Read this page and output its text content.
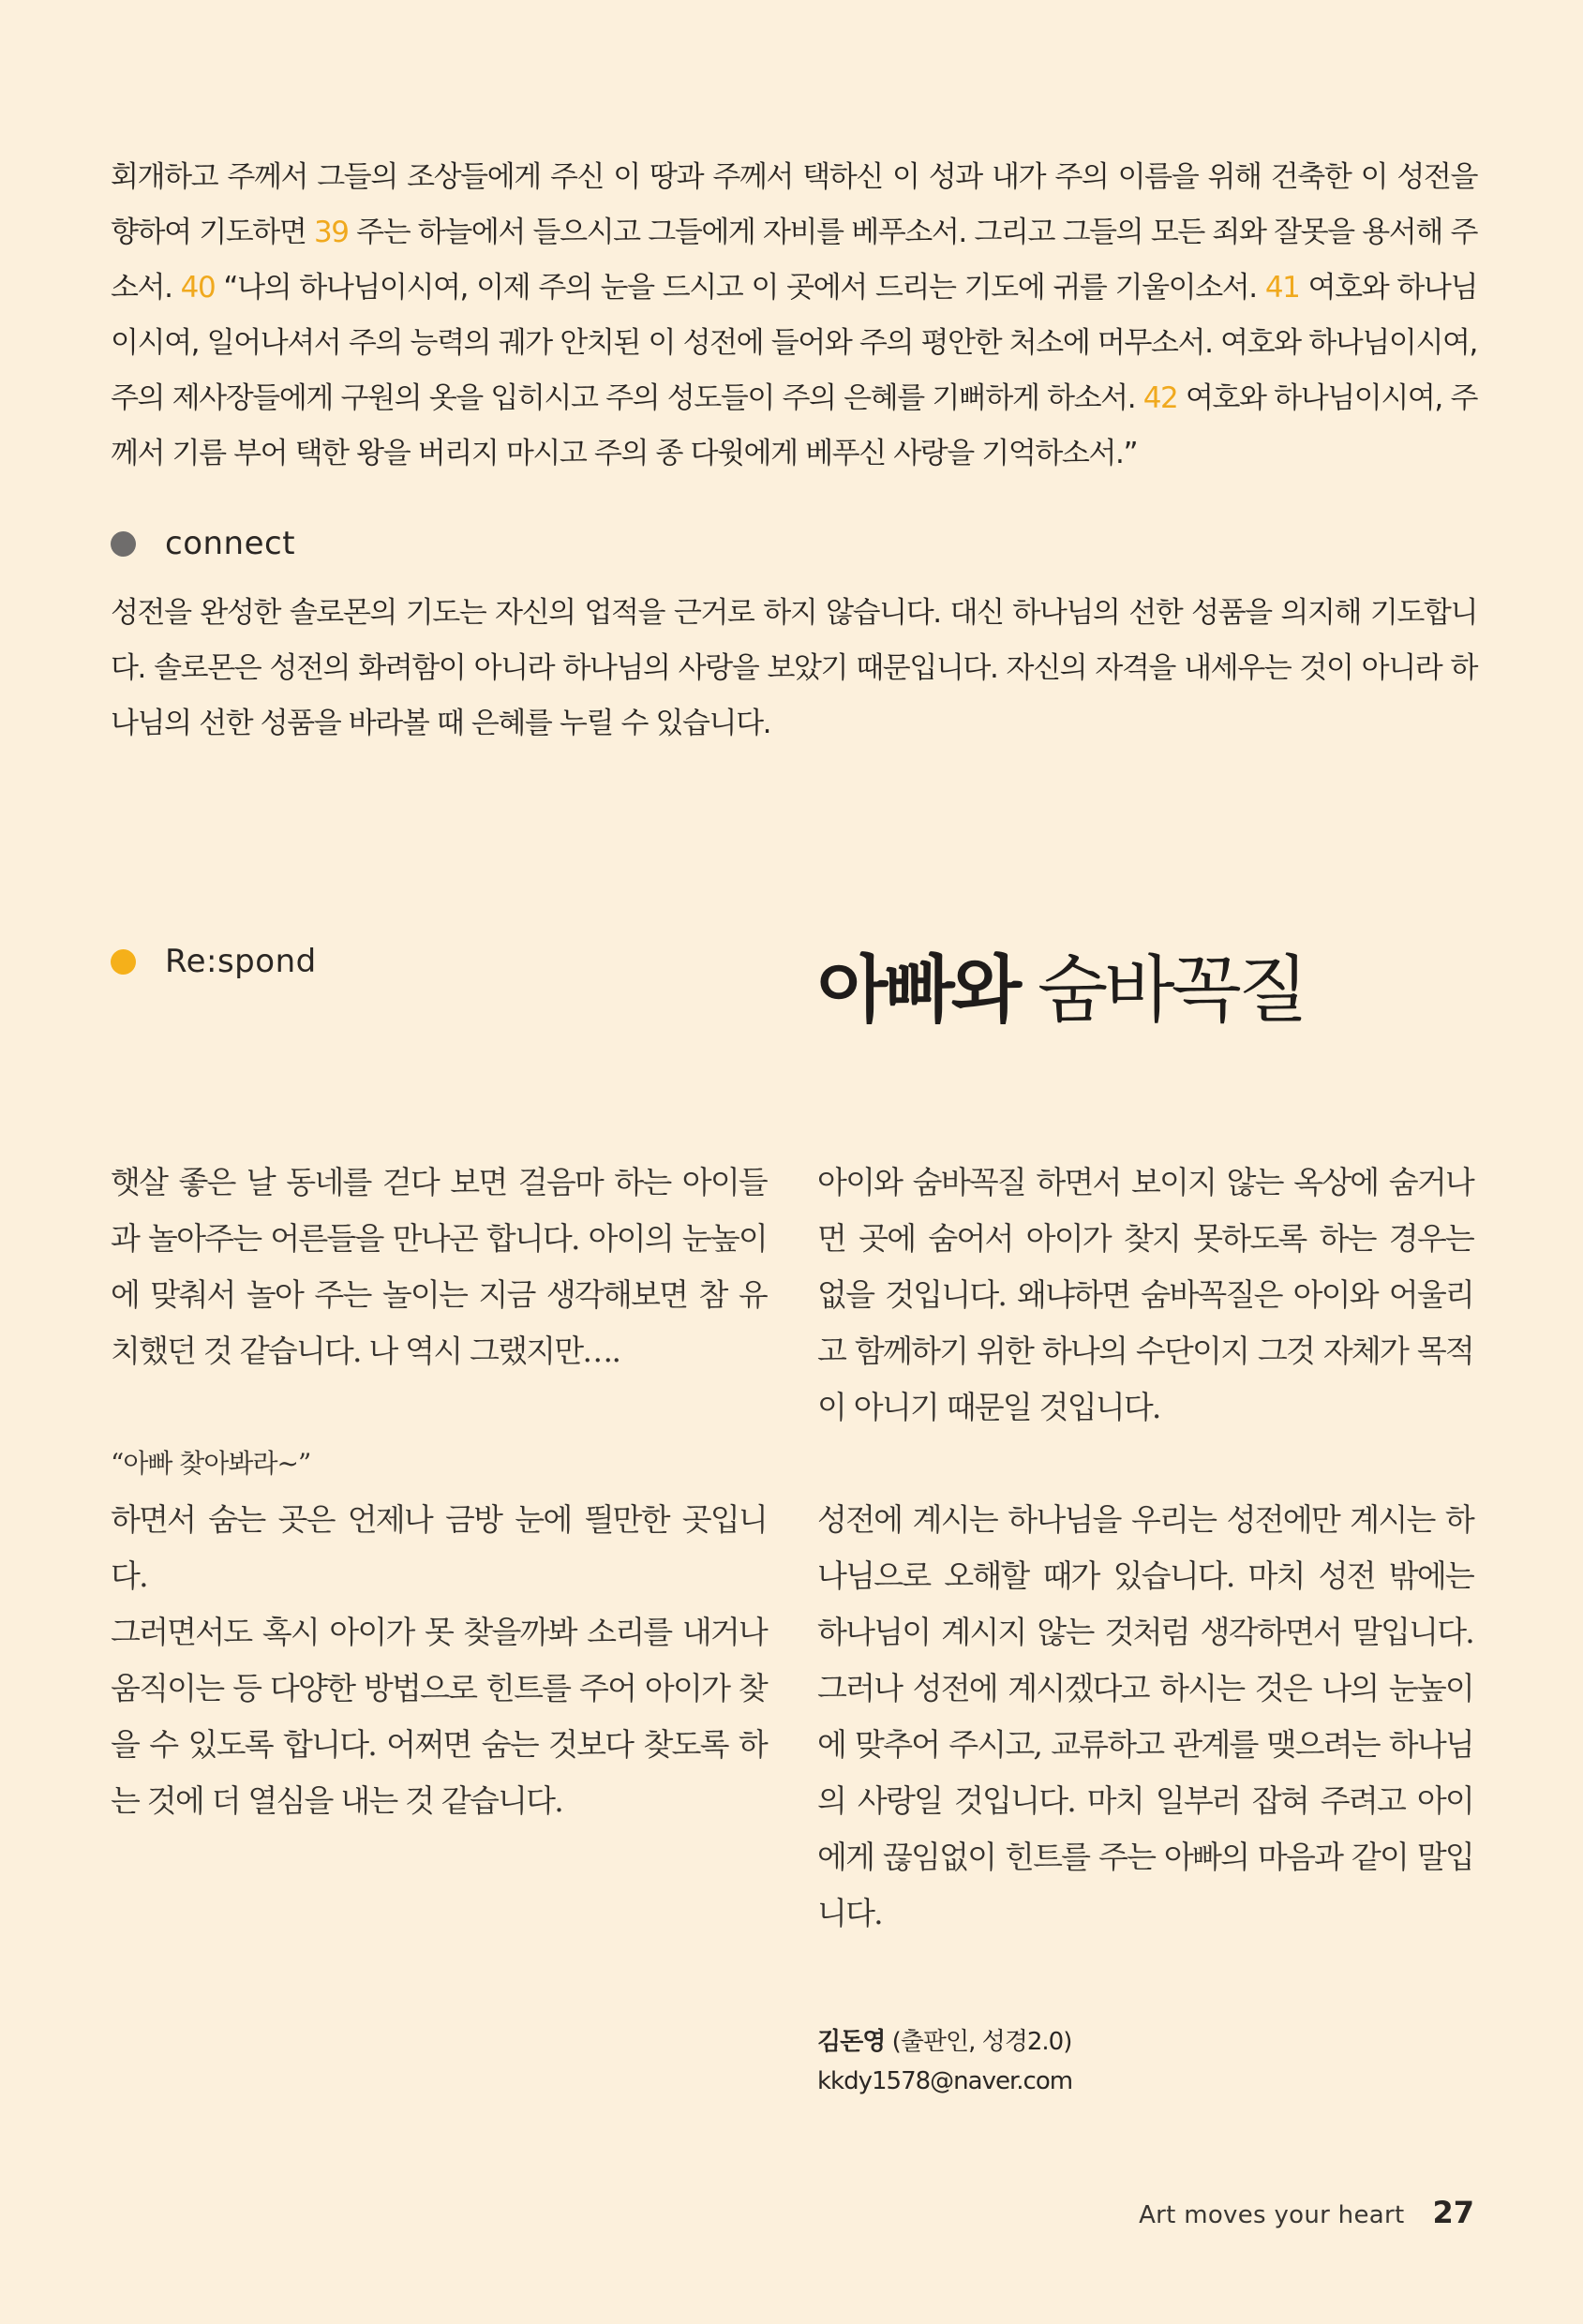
회개하고 주께서 그들의 조상들에게 주신 이 땅과 주께서 택하신 이 성과 내가 주의 이름을 위해 건축한 이 성전을 향하여 기도하면 39 주는 하늘에서 들으시고 그들에게 자비를 베푸소서. 그리고 그들의 모든 죄와 잘못을 용서해 주소서. 40 “나의 하나님이시여, 이제 주의 눈을 드시고 이 곳에서 드리는 기도에 귀를 기울이소서. 41 여호와 하나님이시여, 일어나셔서 주의 능력의 궤가 안치된 이 성전에 들어와 주의 평안한 처소에 머무소서. 여호와 하나님이시여, 주의 제사장들에게 구원의 옷을 입히시고 주의 성도들이 주의 은혜를 기뻐하게 하소서. 42 여호와 하나님이시여, 주께서 기름 부어 택한 왕을 버리지 마시고 주의 종 다윗에게 베푸신 사랑을 기억하소서.”
connect
성전을 완성한 솔로몬의 기도는 자신의 업적을 근거로 하지 않습니다. 대신 하나님의 선한 성품을 의지해 기도합니다. 솔로몬은 성전의 화려함이 아니라 하나님의 사랑을 보았기 때문입니다. 자신의 자격을 내세우는 것이 아니라 하나님의 선한 성품을 바라볼 때 은혜를 누릴 수 있습니다.
Re:spond	아빠와 숨바꼭질

햇살 좋은 날 동네를 걷다 보면 걸음마 하는 아이들과 놀아주는 어른들을 만나곤 합니다. 아이의 눈높이에 맞춰서 놀아 주는 놀이는 지금 생각해보면 참 유치했던 것 같습니다. 나 역시 그랬지만….

“아빠 찾아봐라~”

하면서 숨는 곳은 언제나 금방 눈에 띌만한 곳입니다.

그러면서도 혹시 아이가 못 찾을까봐 소리를 내거나 움직이는 등 다양한 방법으로 힌트를 주어 아이가 찾을 수 있도록 합니다. 어쩌면 숨는 것보다 찾도록 하는 것에 더 열심을 내는 것 같습니다.

아이와 숨바꼭질 하면서 보이지 않는 옥상에 숨거나 먼 곳에 숨어서 아이가 찾지 못하도록 하는 경우는 없을 것입니다. 왜냐하면 숨바꼭질은 아이와 어울리고 함께하기 위한 하나의 수단이지 그것 자체가 목적이 아니기 때문일 것입니다.

성전에 계시는 하나님을 우리는 성전에만 계시는 하나님으로 오해할 때가 있습니다. 마치 성전 밖에는 하나님이 계시지 않는 것처럼 생각하면서 말입니다. 그러나 성전에 계시겠다고 하시는 것은 나의 눈높이에 맞추어 주시고, 교류하고 관계를 맺으려는 하나님의 사랑일 것입니다. 마치 일부러 잡혀 주려고 아이에게 끊임없이 힌트를 주는 아빠의 마음과 같이 말입니다.

김돈영 (출판인, 성경2.0)
kkdy1578@naver.com
Art moves your heart 27
